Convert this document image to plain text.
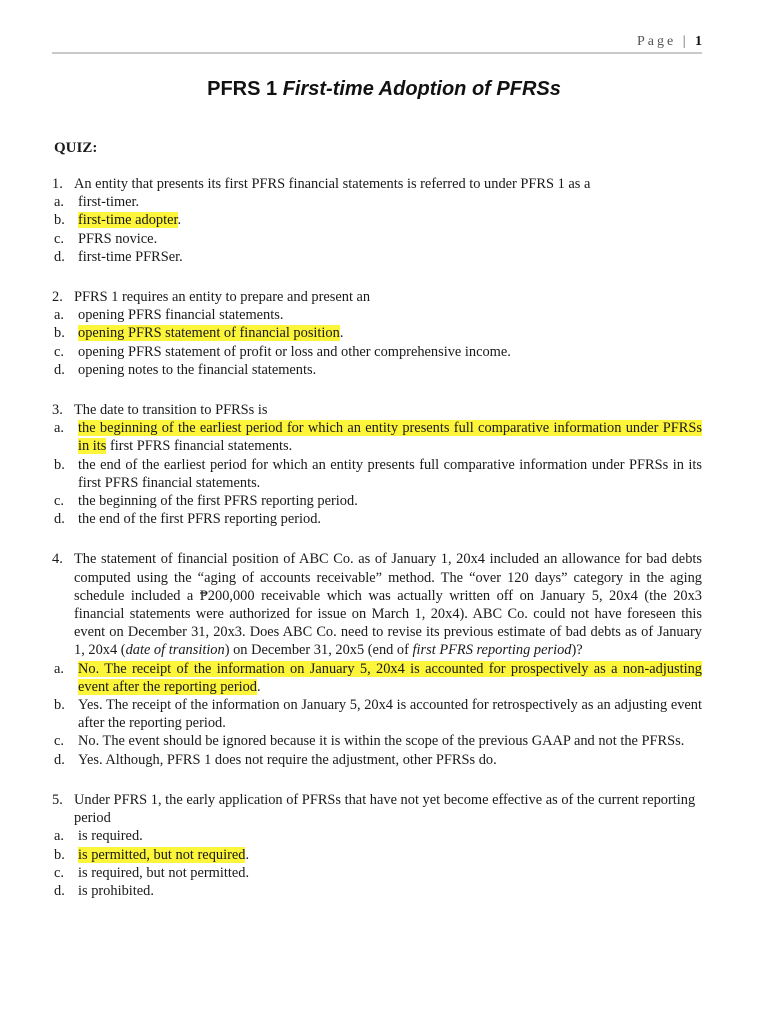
Page | 1
PFRS 1 First-time Adoption of PFRSs
QUIZ:
1. An entity that presents its first PFRS financial statements is referred to under PFRS 1 as a
a. first-timer.
b. first-time adopter.
c. PFRS novice.
d. first-time PFRSer.
2. PFRS 1 requires an entity to prepare and present an
a. opening PFRS financial statements.
b. opening PFRS statement of financial position.
c. opening PFRS statement of profit or loss and other comprehensive income.
d. opening notes to the financial statements.
3. The date to transition to PFRSs is
a. the beginning of the earliest period for which an entity presents full comparative information under PFRSs in its first PFRS financial statements.
b. the end of the earliest period for which an entity presents full comparative information under PFRSs in its first PFRS financial statements.
c. the beginning of the first PFRS reporting period.
d. the end of the first PFRS reporting period.
4. The statement of financial position of ABC Co. as of January 1, 20x4 included an allowance for bad debts computed using the “aging of accounts receivable” method. The “over 120 days” category in the aging schedule included a ₱200,000 receivable which was actually written off on January 5, 20x4 (the 20x3 financial statements were authorized for issue on March 1, 20x4). ABC Co. could not have foreseen this event on December 31, 20x3. Does ABC Co. need to revise its previous estimate of bad debts as of January 1, 20x4 (date of transition) on December 31, 20x5 (end of first PFRS reporting period)?
a. No. The receipt of the information on January 5, 20x4 is accounted for prospectively as a non-adjusting event after the reporting period.
b. Yes. The receipt of the information on January 5, 20x4 is accounted for retrospectively as an adjusting event after the reporting period.
c. No. The event should be ignored because it is within the scope of the previous GAAP and not the PFRSs.
d. Yes. Although, PFRS 1 does not require the adjustment, other PFRSs do.
5. Under PFRS 1, the early application of PFRSs that have not yet become effective as of the current reporting period
a. is required.
b. is permitted, but not required.
c. is required, but not permitted.
d. is prohibited.
